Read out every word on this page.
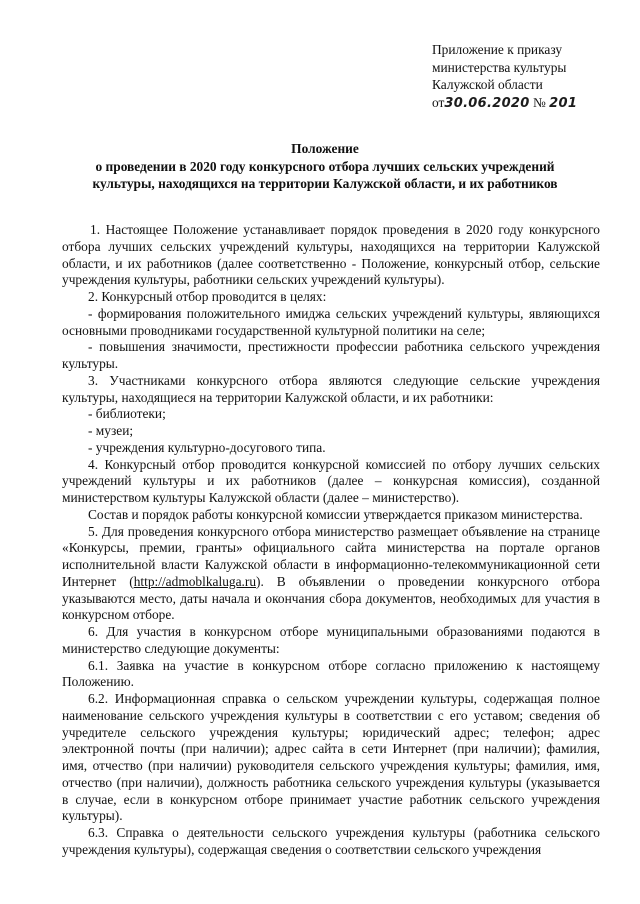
Приложение к приказу
министерства культуры
Калужской области
от30.06.2020 № 201
Положение
о проведении в 2020 году конкурсного отбора лучших сельских учреждений
культуры, находящихся на территории Калужской области, и их работников

1. Настоящее Положение устанавливает порядок проведения в 2020 году конкурсного отбора лучших сельских учреждений культуры, находящихся на территории Калужской области, и их работников (далее соответственно - Положение, конкурсный отбор, сельские учреждения культуры, работники сельских учреждений культуры).

2. Конкурсный отбор проводится в целях:

- формирования положительного имиджа сельских учреждений культуры, являющихся основными проводниками государственной культурной политики на селе;

- повышения значимости, престижности профессии работника сельского учреждения культуры.

3. Участниками конкурсного отбора являются следующие сельские учреждения культуры, находящиеся на территории Калужской области, и их работники:

- библиотеки;

- музеи;

- учреждения культурно-досугового типа.

4. Конкурсный отбор проводится конкурсной комиссией по отбору лучших сельских учреждений культуры и их работников (далее – конкурсная комиссия), созданной министерством культуры Калужской области (далее – министерство).

Состав и порядок работы конкурсной комиссии утверждается приказом министерства.

5. Для проведения конкурсного отбора министерство размещает объявление на странице «Конкурсы, премии, гранты» официального сайта министерства на портале органов исполнительной власти Калужской области в информационно-телекоммуникационной сети Интернет (http://admoblkaluga.ru). В объявлении о проведении конкурсного отбора указываются место, даты начала и окончания сбора документов, необходимых для участия в конкурсном отборе.

6. Для участия в конкурсном отборе муниципальными образованиями подаются в министерство следующие документы:

6.1. Заявка на участие в конкурсном отборе согласно приложению к настоящему Положению.

6.2. Информационная справка о сельском учреждении культуры, содержащая полное наименование сельского учреждения культуры в соответствии с его уставом; сведения об учредителе сельского учреждения культуры; юридический адрес; телефон; адрес электронной почты (при наличии); адрес сайта в сети Интернет (при наличии); фамилия, имя, отчество (при наличии) руководителя сельского учреждения культуры; фамилия, имя, отчество (при наличии), должность работника сельского учреждения культуры (указывается в случае, если в конкурсном отборе принимает участие работник сельского учреждения культуры).

6.3. Справка о деятельности сельского учреждения культуры (работника сельского учреждения культуры), содержащая сведения о соответствии сельского учреждения
